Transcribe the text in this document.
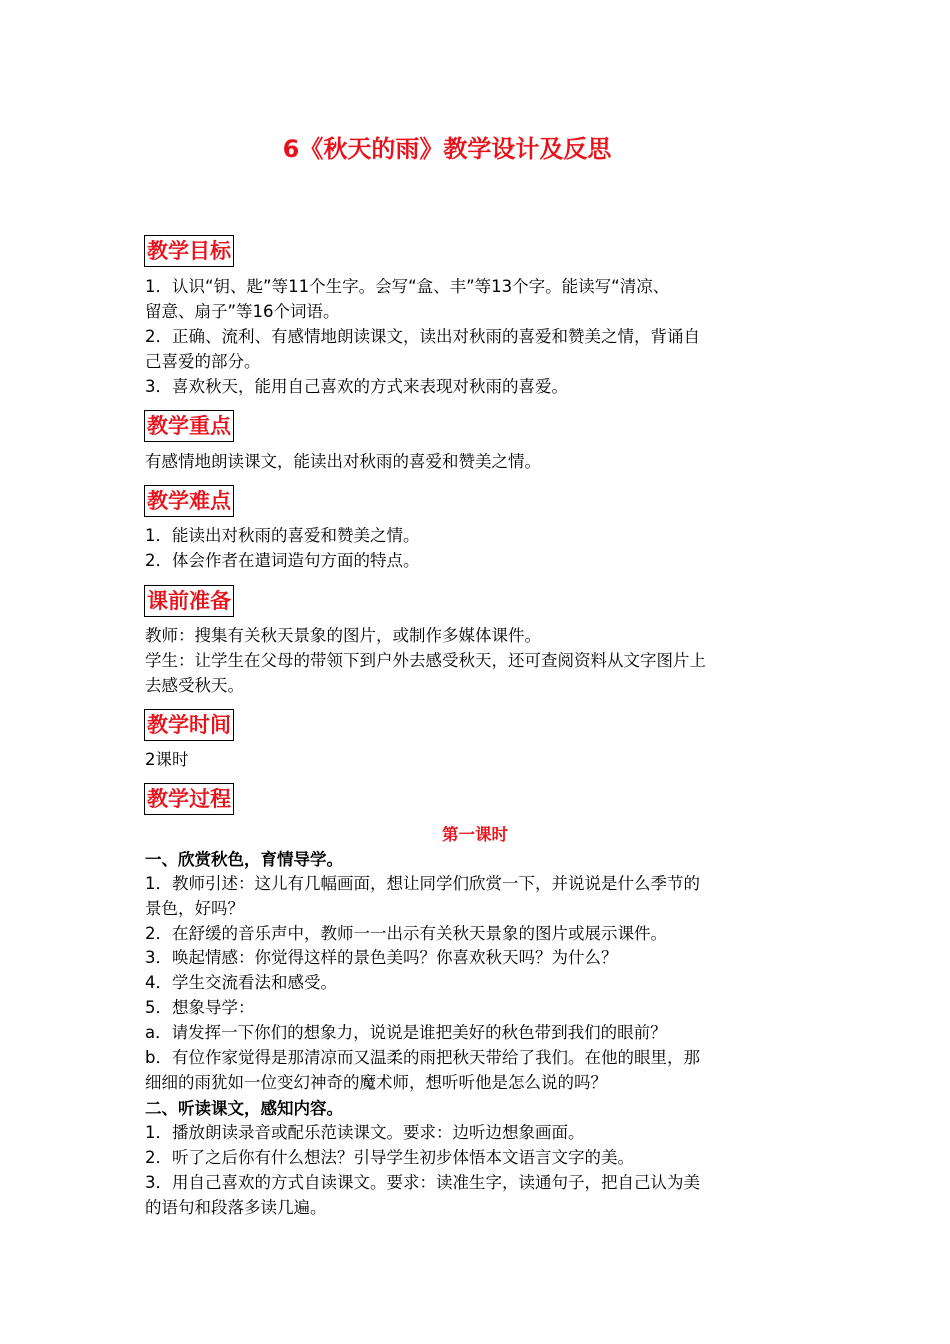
6《秋天的雨》教学设计及反思
教学目标
1．认识“钥、匙”等11个生字。会写“盒、丰”等13个字。能读写“清凉、
留意、扇子”等16个词语。
2．正确、流利、有感情地朗读课文，读出对秋雨的喜爱和赞美之情，背诵自
己喜爱的部分。
3．喜欢秋天，能用自己喜欢的方式来表现对秋雨的喜爱。
教学重点
有感情地朗读课文，能读出对秋雨的喜爱和赞美之情。
教学难点
1．能读出对秋雨的喜爱和赞美之情。
2．体会作者在遣词造句方面的特点。
课前准备
教师：搜集有关秋天景象的图片，或制作多媒体课件。
学生：让学生在父母的带领下到户外去感受秋天，还可查阅资料从文字图片上
去感受秋天。
教学时间
2课时
教学过程
第一课时
一、欣赏秋色，育情导学。
1．教师引述：这儿有几幅画面，想让同学们欣赏一下，并说说是什么季节的
景色，好吗？
2．在舒缓的音乐声中，教师一一出示有关秋天景象的图片或展示课件。
3．唤起情感：你觉得这样的景色美吗？你喜欢秋天吗？为什么？
4．学生交流看法和感受。
5．想象导学：
a．请发挥一下你们的想象力，说说是谁把美好的秋色带到我们的眼前？
b．有位作家觉得是那清凉而又温柔的雨把秋天带给了我们。在他的眼里，那
细细的雨犹如一位变幻神奇的魔术师，想听听他是怎么说的吗？
二、听读课文，感知内容。
1．播放朗读录音或配乐范读课文。要求：边听边想象画面。
2．听了之后你有什么想法？引导学生初步体悟本文语言文字的美。
3．用自己喜欢的方式自读课文。要求：读准生字，读通句子，把自己认为美
的语句和段落多读几遍。
